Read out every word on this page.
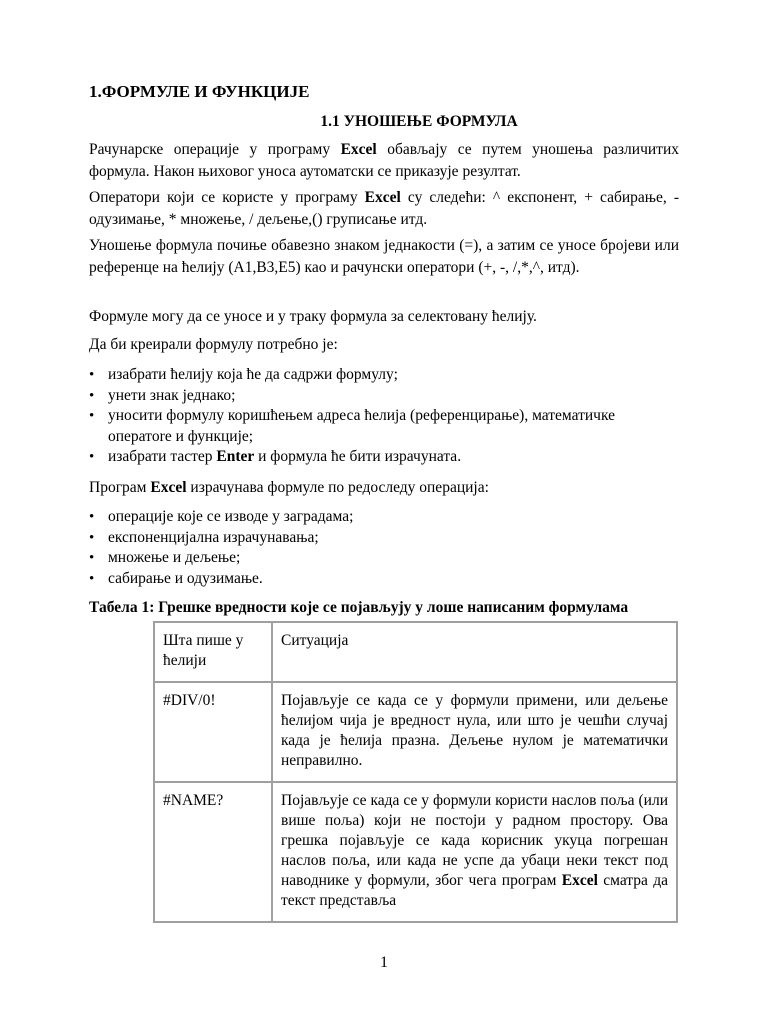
1.ФОРМУЛЕ И ФУНКЦИЈЕ
1.1 УНОШЕЊЕ ФОРМУЛА
Рачунарске операције у програму Excel обављају се путем уношења различитих формула. Након њиховог уноса аутоматски се приказује резултат.
Оператори који се користе у програму Excel су следећи: ^ експонент, + сабирање, - одузимање, * множење, / дељење,() груписање итд.
Уношење формула почиње обавезно знаком једнакости (=), а затим се уносе бројеви или референце на ћелију (A1,B3,E5) као и рачунски оператори (+, -, /,*,^, итд).
Формуле могу да се уносе и у траку формула за селектовану ћелију.
Да би креирали формулу потребно је:
• изабрати ћелију која ће да садржи формулу;
• унети знак једнако;
• уносити формулу коришћењем адреса ћелија (референцирање), математичке оператore и функције;
• изабрати тастер Enter и формула ће бити израчуната.
Програм Excel израчунава формуле по редоследу операција:
• операције које се изводе у заградама;
• експоненцијална израчунавања;
• множење и дељење;
• сабирање и одузимање.
Табела 1: Грешке вредности које се појављују у лоше написаним формулама
Шта пише у ћелији	Ситуација
#DIV/0!	Појављује се када се у формули примени, или дељење ћелијом чија је вредност нула, или што је чешћи случај када је ћелија празна. Дељење нулом је математички неправилно.
#NAME?	Појављује се када се у формули користи наслов поља (или више поља) који не постоји у радном простору. Ова грешка појављује се када корисник укуца погрешан наслов поља, или када не успе да убаци неки текст под наводнике у формули, због чега програм Excel сматра да текст представља
1
